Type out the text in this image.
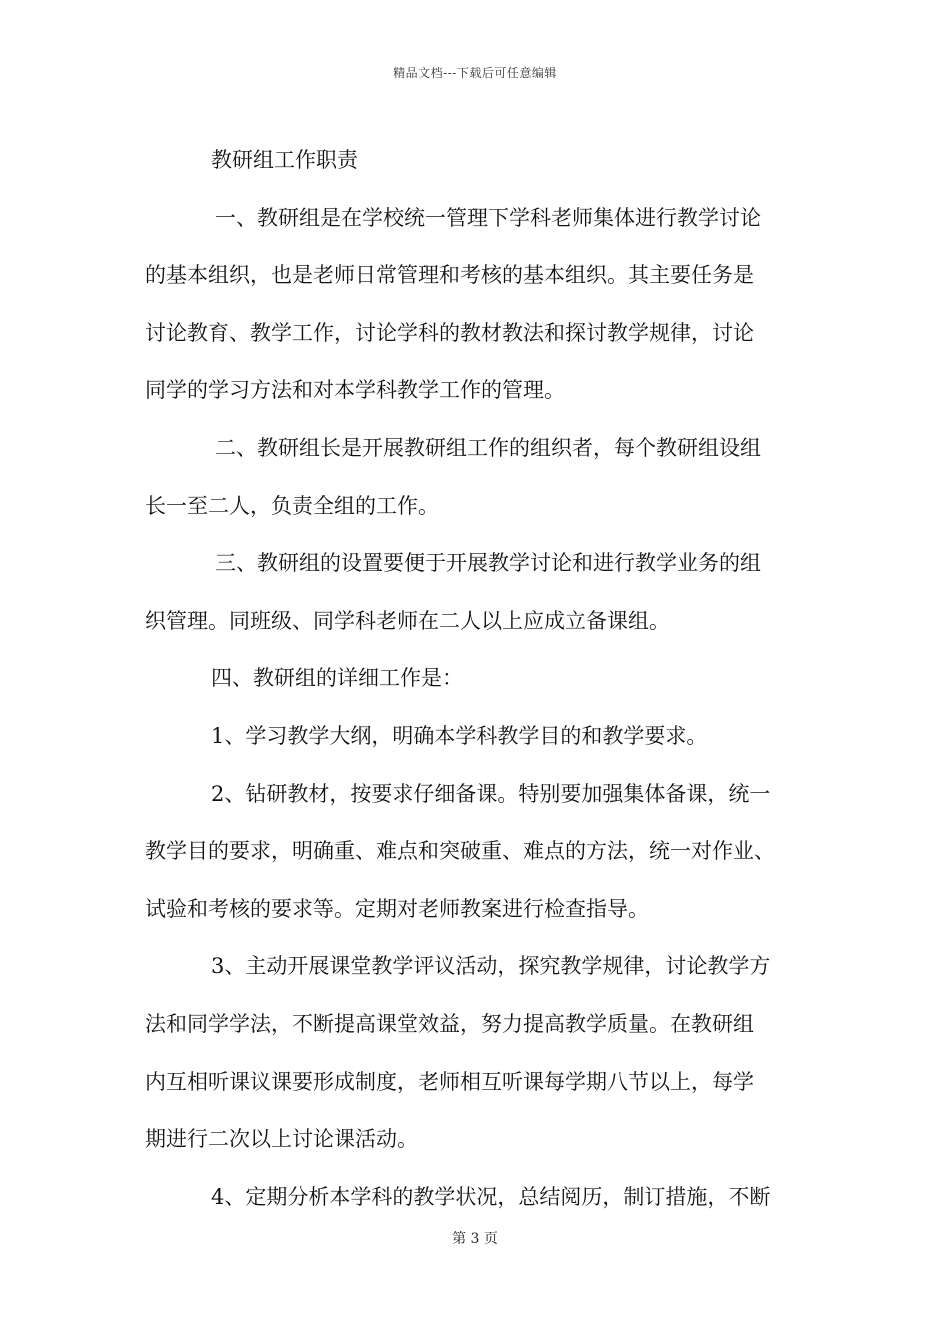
精品文档---下载后可任意编辑

教研组工作职责

一、教研组是在学校统一管理下学科老师集体进行教学讨论

的基本组织，也是老师日常管理和考核的基本组织。其主要任务是

讨论教育、教学工作，讨论学科的教材教法和探讨教学规律，讨论

同学的学习方法和对本学科教学工作的管理。

二、教研组长是开展教研组工作的组织者，每个教研组设组

长一至二人，负责全组的工作。

三、教研组的设置要便于开展教学讨论和进行教学业务的组

织管理。同班级、同学科老师在二人以上应成立备课组。

四、教研组的详细工作是：

1、学习教学大纲，明确本学科教学目的和教学要求。

2、钻研教材，按要求仔细备课。特别要加强集体备课，统一

教学目的要求，明确重、难点和突破重、难点的方法，统一对作业、

试验和考核的要求等。定期对老师教案进行检查指导。

3、主动开展课堂教学评议活动，探究教学规律，讨论教学方

法和同学学法，不断提高课堂效益，努力提高教学质量。在教研组

内互相听课议课要形成制度，老师相互听课每学期八节以上，每学

期进行二次以上讨论课活动。

4、定期分析本学科的教学状况，总结阅历，制订措施，不断

第 3 页
